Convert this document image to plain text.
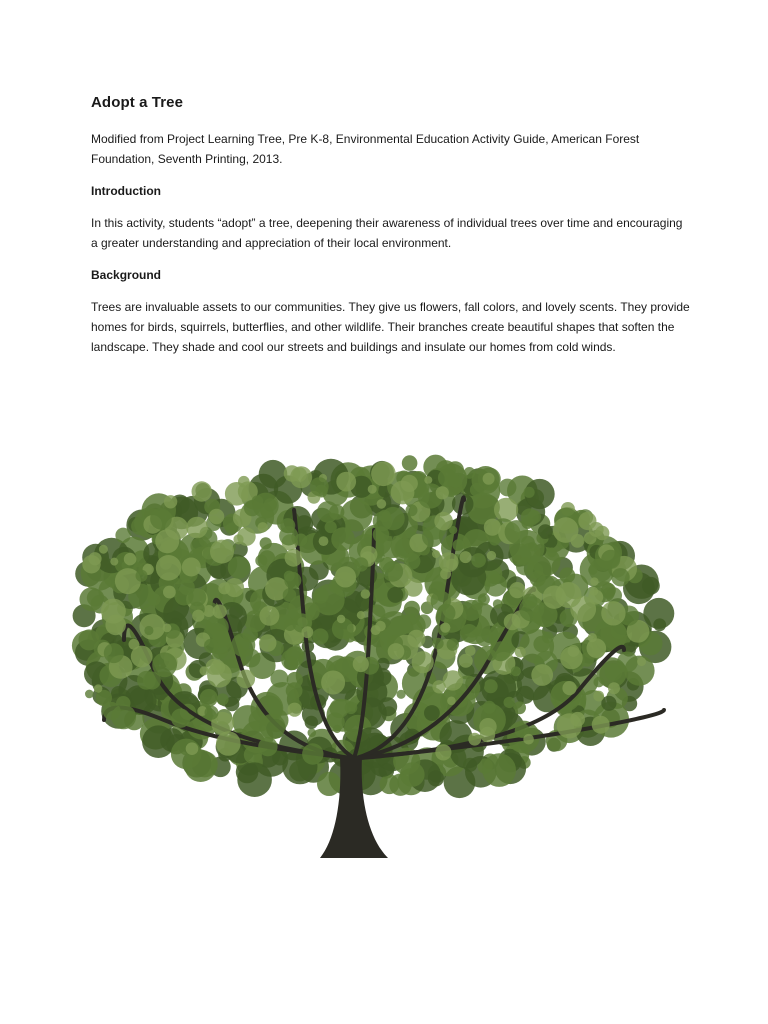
Adopt a Tree

Modified from Project Learning Tree, Pre K-8, Environmental Education Activity Guide, American Forest Foundation, Seventh Printing, 2013.

Introduction

In this activity, students “adopt” a tree, deepening their awareness of individual trees over time and encouraging a greater understanding and appreciation of their local environment.

Background

Trees are invaluable assets to our communities. They give us flowers, fall colors, and lovely scents. They provide homes for birds, squirrels, butterflies, and other wildlife. Their branches create beautiful shapes that soften the landscape. They shade and cool our streets and buildings and insulate our homes from cold winds.
